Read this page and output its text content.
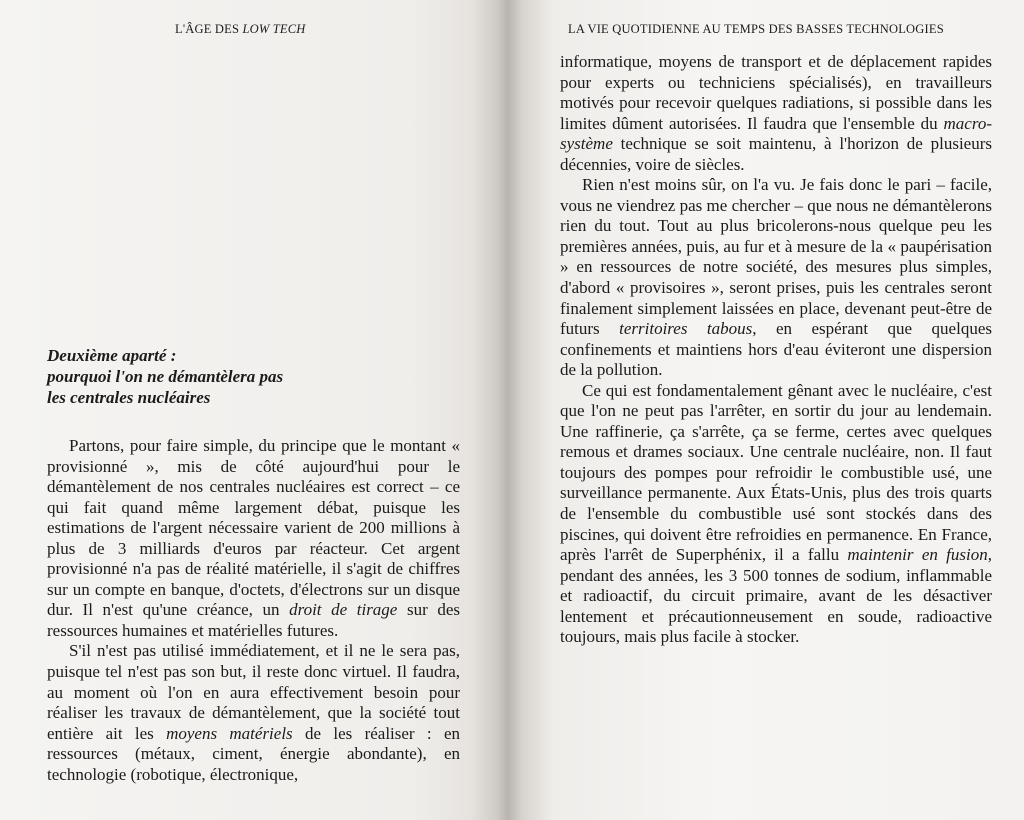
L'ÂGE DES LOW TECH
Deuxième aparté :
pourquoi l'on ne démantèlera pas
les centrales nucléaires

Partons, pour faire simple, du principe que le montant « provisionné », mis de côté aujourd'hui pour le démantèlement de nos centrales nucléaires est correct – ce qui fait quand même largement débat, puisque les estimations de l'argent nécessaire varient de 200 millions à plus de 3 milliards d'euros par réacteur. Cet argent provisionné n'a pas de réalité matérielle, il s'agit de chiffres sur un compte en banque, d'octets, d'électrons sur un disque dur. Il n'est qu'une créance, un droit de tirage sur des ressources humaines et matérielles futures.

S'il n'est pas utilisé immédiatement, et il ne le sera pas, puisque tel n'est pas son but, il reste donc virtuel. Il faudra, au moment où l'on en aura effectivement besoin pour réaliser les travaux de démantèlement, que la société tout entière ait les moyens matériels de les réaliser : en ressources (métaux, ciment, énergie abondante), en technologie (robotique, électronique,

LA VIE QUOTIDIENNE AU TEMPS DES BASSES TECHNOLOGIES

informatique, moyens de transport et de déplacement rapides pour experts ou techniciens spécialisés), en travailleurs motivés pour recevoir quelques radiations, si possible dans les limites dûment autorisées. Il faudra que l'ensemble du macro-système technique se soit maintenu, à l'horizon de plusieurs décennies, voire de siècles.

Rien n'est moins sûr, on l'a vu. Je fais donc le pari – facile, vous ne viendrez pas me chercher – que nous ne démantèlerons rien du tout. Tout au plus bricolerons-nous quelque peu les premières années, puis, au fur et à mesure de la « paupérisation » en ressources de notre société, des mesures plus simples, d'abord « provisoires », seront prises, puis les centrales seront finalement simplement laissées en place, devenant peut-être de futurs territoires tabous, en espérant que quelques confinements et maintiens hors d'eau éviteront une dispersion de la pollution.

Ce qui est fondamentalement gênant avec le nucléaire, c'est que l'on ne peut pas l'arrêter, en sortir du jour au lendemain. Une raffinerie, ça s'arrête, ça se ferme, certes avec quelques remous et drames sociaux. Une centrale nucléaire, non. Il faut toujours des pompes pour refroidir le combustible usé, une surveillance permanente. Aux États-Unis, plus des trois quarts de l'ensemble du combustible usé sont stockés dans des piscines, qui doivent être refroidies en permanence. En France, après l'arrêt de Superphénix, il a fallu maintenir en fusion, pendant des années, les 3 500 tonnes de sodium, inflammable et radioactif, du circuit primaire, avant de les désactiver lentement et précautionneusement en soude, radioactive toujours, mais plus facile à stocker.
